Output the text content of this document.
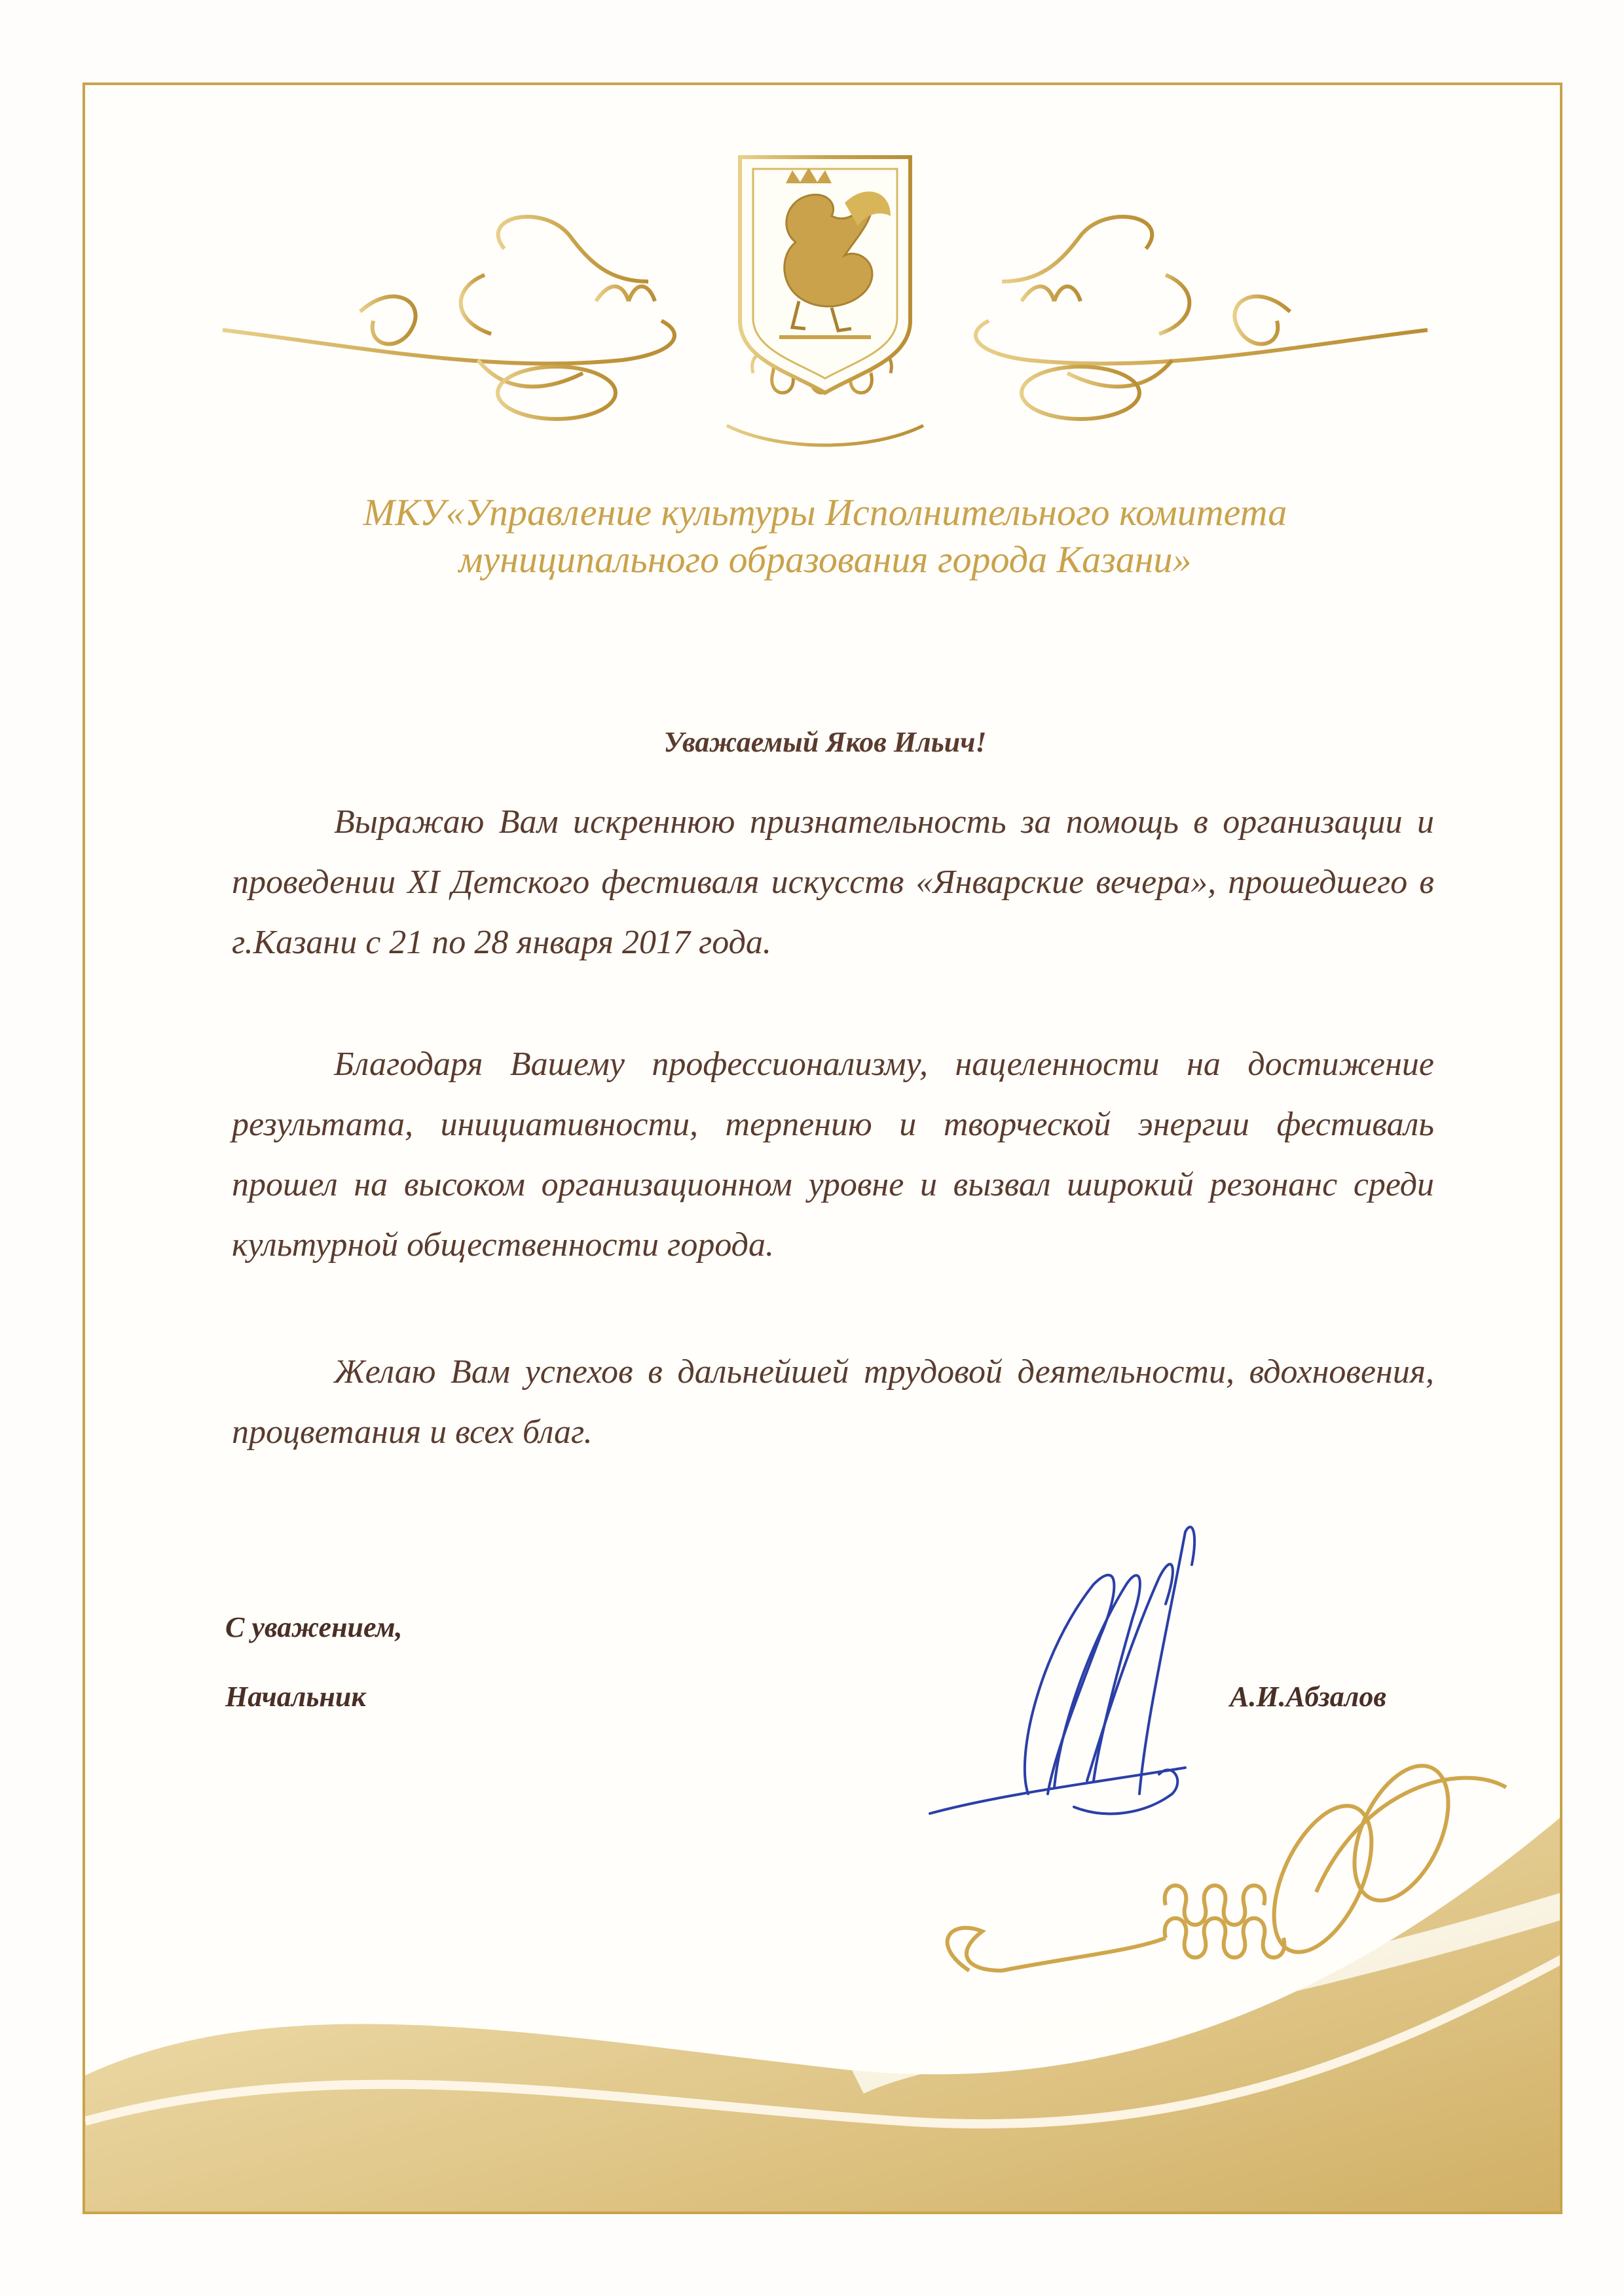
МКУ«Управление культуры Исполнительного комитета
муниципального образования города Казани»
Уважаемый Яков Ильич!

Выражаю Вам искреннюю признательность за помощь в организации и проведении XI Детского фестиваля искусств «Январские вечера», прошедшего в г.Казани с 21 по 28 января 2017 года.

Благодаря Вашему профессионализму, нацеленности на достижение результата, инициативности, терпению и творческой энергии фестиваль прошел на высоком организационном уровне и вызвал широкий резонанс среди культурной общественности города.

Желаю Вам успехов в дальнейшей трудовой деятельности, вдохновения, процветания и всех благ.

С уважением,
Начальник	А.И.Абзалов
